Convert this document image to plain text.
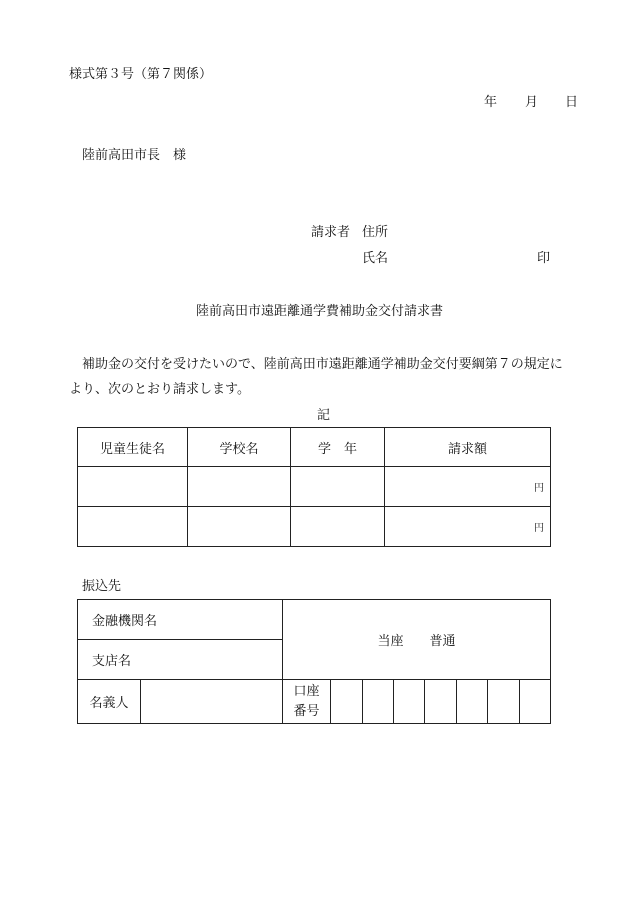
様式第３号（第７関係）
年 月 日
陸前高田市長　様
請求者 住所
氏名	印
陸前高田市遠距離通学費補助金交付請求書
補助金の交付を受けたいので、陸前高田市遠距離通学補助金交付要綱第７の規定に
より、次のとおり請求します。
記
児童生徒名	学校名	学　年	請求額
			円
			円
振込先
金融機関名		当座　　普通							
支店名									
名義人		口座
番号							
